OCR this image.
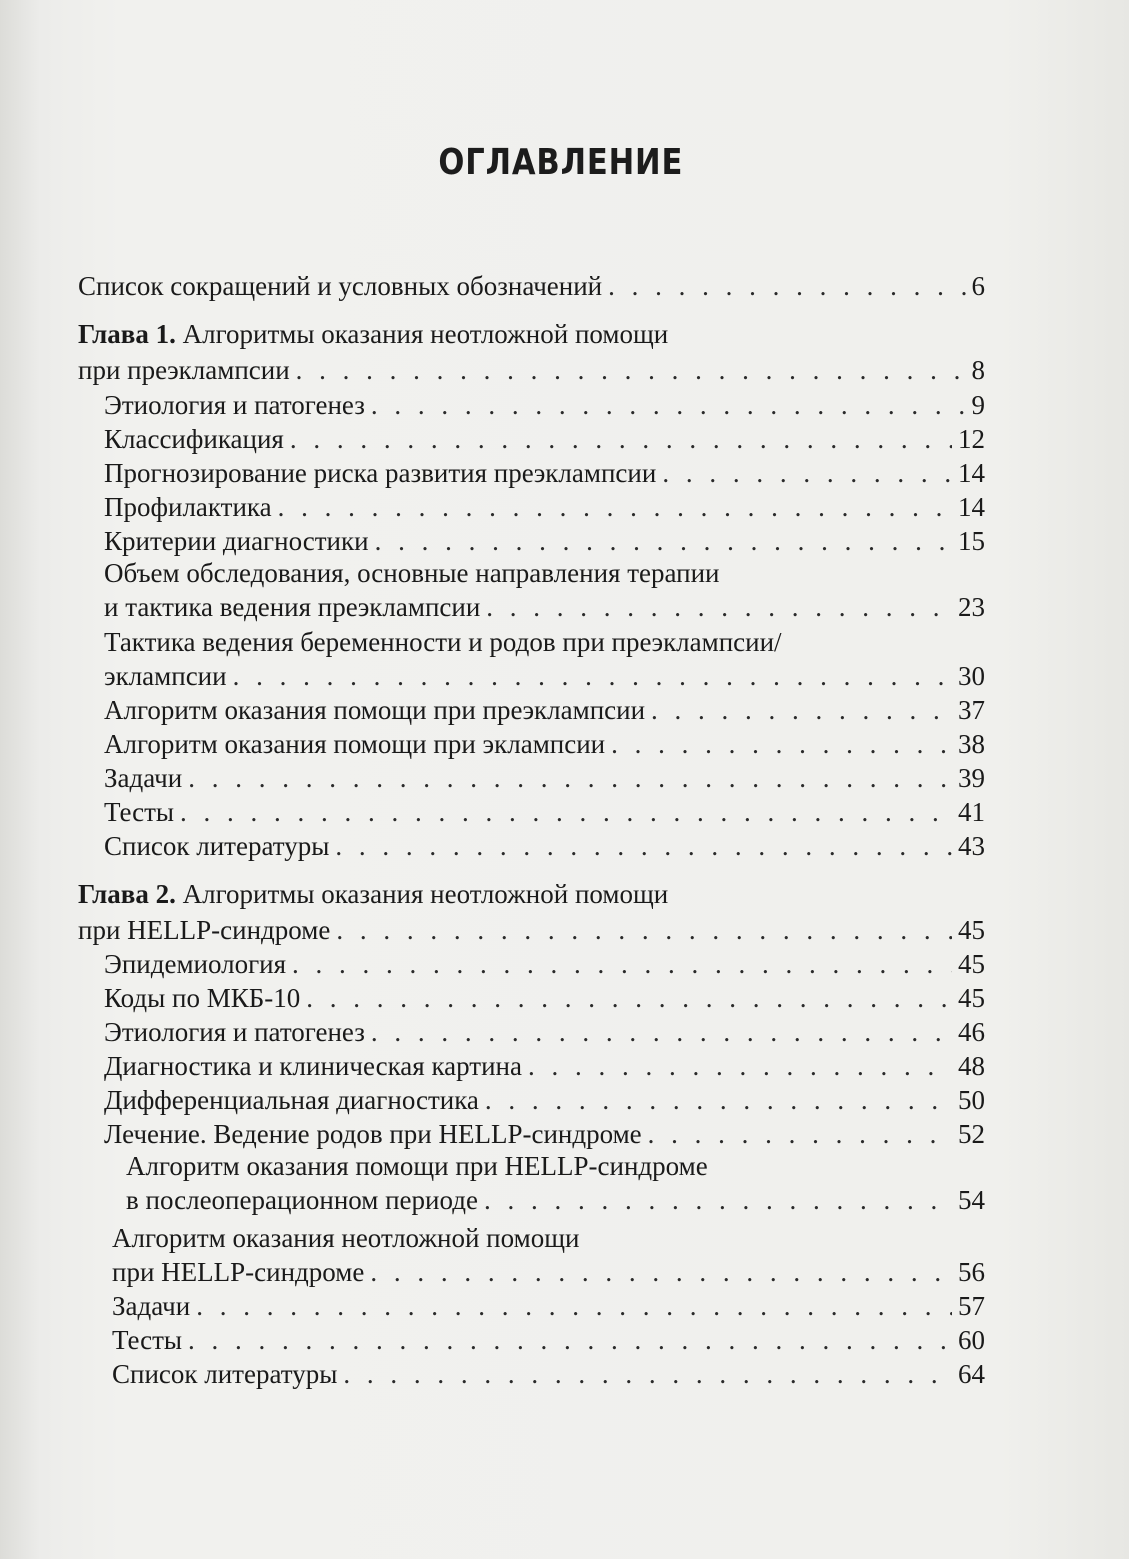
ОГЛАВЛЕНИЕ
Список сокращений и условных обозначений . . .	6
Глава 1. Алгоритмы оказания неотложной помощи
при преэклампсии . . .	8
Этиология и патогенез . . .	9
Классификация . . .	12
Прогнозирование риска развития преэклампсии . . .	14
Профилактика . . .	14
Критерии диагностики . . .	15
Объем обследования, основные направления терапии
и тактика ведения преэклампсии . . .	23
Тактика ведения беременности и родов при преэклампсии/
эклампсии . . .	30
Алгоритм оказания помощи при преэклампсии . . .	37
Алгоритм оказания помощи при эклампсии . . .	38
Задачи . . .	39
Тесты . . .	41
Список литературы . . .	43
Глава 2. Алгоритмы оказания неотложной помощи
при HELLP-синдроме . . .	45
Эпидемиология . . .	45
Коды по МКБ-10 . . .	45
Этиология и патогенез . . .	46
Диагностика и клиническая картина . . .	48
Дифференциальная диагностика . . .	50
Лечение. Ведение родов при HELLP-синдроме . . .	52
Алгоритм оказания помощи при HELLP-синдроме
в послеоперационном периоде . . .	54
Алгоритм оказания неотложной помощи
при HELLP-синдроме . . .	56
Задачи . . .	57
Тесты . . .	60
Список литературы . . .	64
